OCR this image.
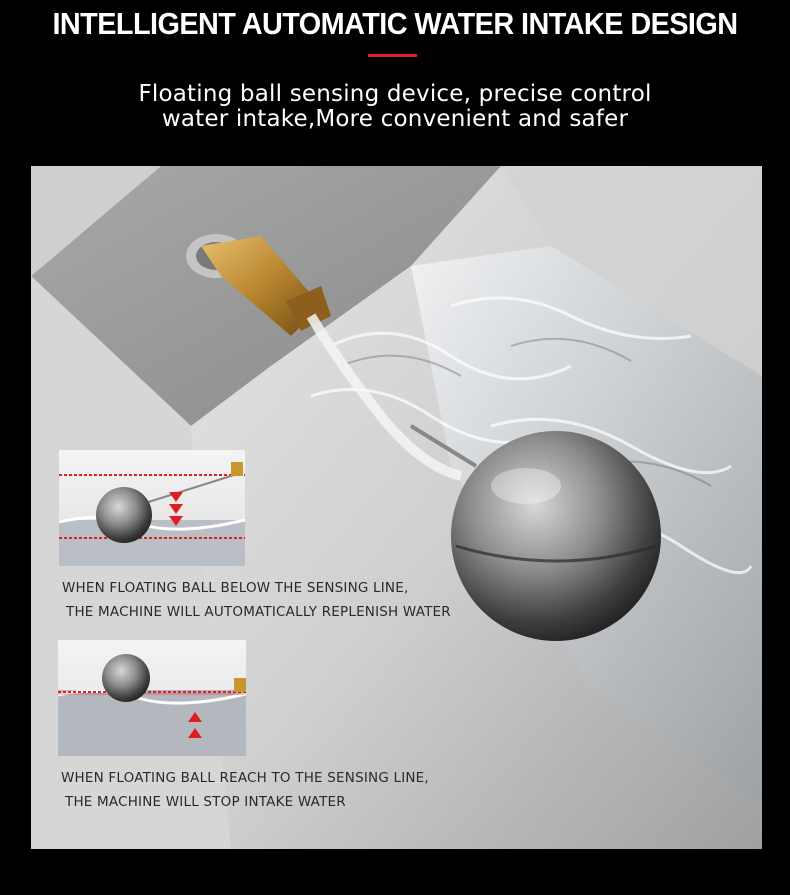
INTELLIGENT AUTOMATIC WATER INTAKE DESIGN
Floating ball sensing device, precise control
water intake,More convenient and safer
WHEN FLOATING BALL BELOW THE SENSING LINE,
THE MACHINE WILL AUTOMATICALLY REPLENISH WATER
WHEN FLOATING BALL REACH TO THE SENSING LINE,
THE MACHINE WILL STOP INTAKE WATER
